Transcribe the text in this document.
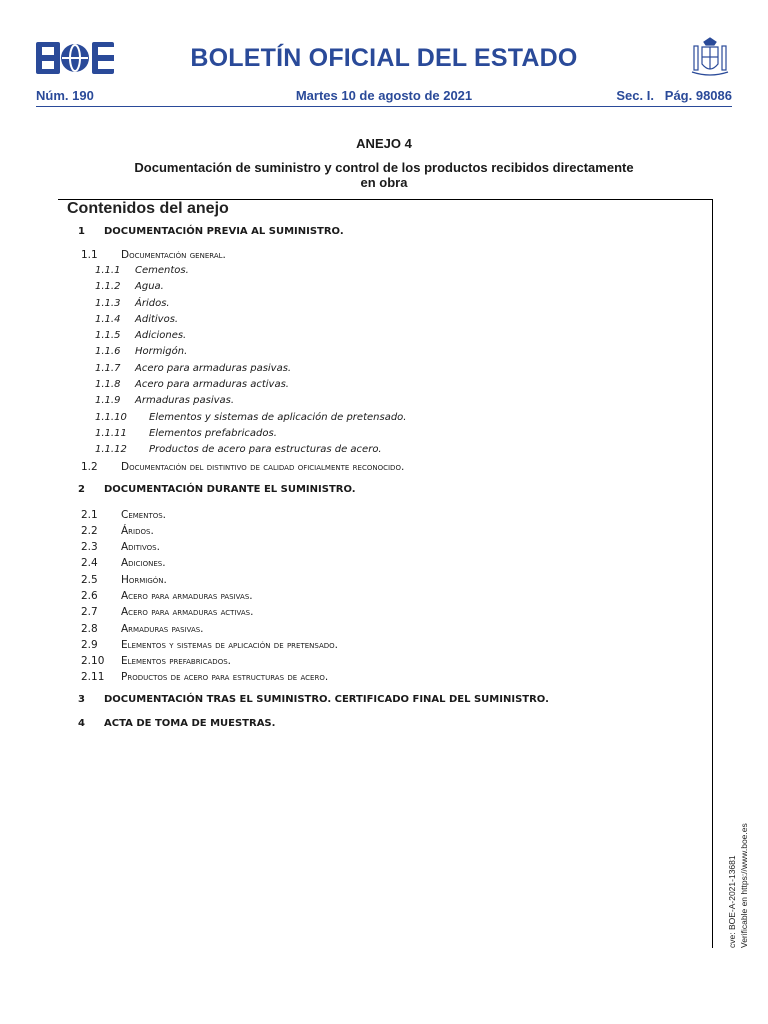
BOLETÍN OFICIAL DEL ESTADO
Núm. 190	Martes 10 de agosto de 2021	Sec. I.   Pág. 98086
ANEJO 4
Documentación de suministro y control de los productos recibidos directamente en obra
Contenidos del anejo
1 DOCUMENTACIÓN PREVIA AL SUMINISTRO.
1.1 Documentación general.
1.1.1 Cementos.
1.1.2 Agua.
1.1.3 Áridos.
1.1.4 Aditivos.
1.1.5 Adiciones.
1.1.6 Hormigón.
1.1.7 Acero para armaduras pasivas.
1.1.8 Acero para armaduras activas.
1.1.9 Armaduras pasivas.
1.1.10 Elementos y sistemas de aplicación de pretensado.
1.1.11 Elementos prefabricados.
1.1.12 Productos de acero para estructuras de acero.
1.2 Documentación del distintivo de calidad oficialmente reconocido.
2 DOCUMENTACIÓN DURANTE EL SUMINISTRO.
2.1 Cementos.
2.2 Áridos.
2.3 Aditivos.
2.4 Adiciones.
2.5 Hormigón.
2.6 Acero para armaduras pasivas.
2.7 Acero para armaduras activas.
2.8 Armaduras pasivas.
2.9 Elementos y sistemas de aplicación de pretensado.
2.10 Elementos prefabricados.
2.11 Productos de acero para estructuras de acero.
3 DOCUMENTACIÓN TRAS EL SUMINISTRO. CERTIFICADO FINAL DEL SUMINISTRO.
4 ACTA DE TOMA DE MUESTRAS.
cve: BOE-A-2021-13681 Verificable en https://www.boe.es
